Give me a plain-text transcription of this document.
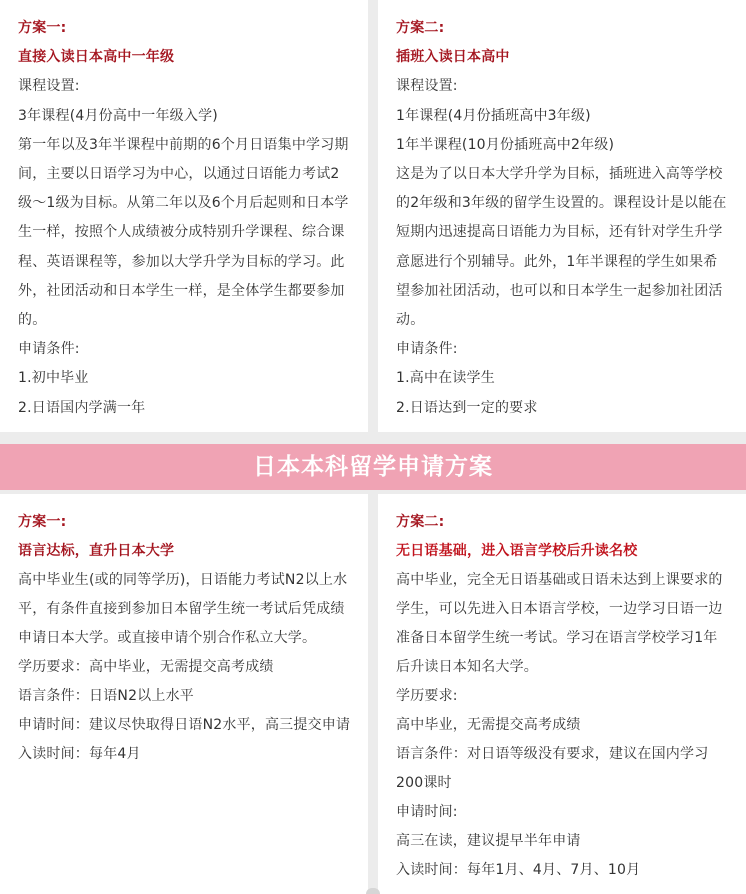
方案一:
直接入读日本高中一年级
课程设置:
3年课程(4月份高中一年级入学)
第一年以及3年半课程中前期的6个月日语集中学习期
间，主要以日语学习为中心，以通过日语能力考试2
级～1级为目标。从第二年以及6个月后起则和日本学
生一样，按照个人成绩被分成特别升学课程、综合课
程、英语课程等，参加以大学升学为目标的学习。此
外，社团活动和日本学生一样，是全体学生都要参加
的。
申请条件:
1.初中毕业
2.日语国内学满一年
方案二:
插班入读日本高中
课程设置:
1年课程(4月份插班高中3年级)
1年半课程(10月份插班高中2年级)
这是为了以日本大学升学为目标，插班进入高等学校
的2年级和3年级的留学生设置的。课程设计是以能在
短期内迅速提高日语能力为目标，还有针对学生升学
意愿进行个别辅导。此外，1年半课程的学生如果希
望参加社团活动，也可以和日本学生一起参加社团活
动。
申请条件:
1.高中在读学生
2.日语达到一定的要求
日本本科留学申请方案
方案一:
语言达标，直升日本大学
高中毕业生(或的同等学历)，日语能力考试N2以上水
平，有条件直接到参加日本留学生统一考试后凭成绩
申请日本大学。或直接申请个别合作私立大学。
学历要求：高中毕业，无需提交高考成绩
语言条件：日语N2以上水平
申请时间：建议尽快取得日语N2水平，高三提交申请
入读时间：每年4月
方案二:
无日语基础，进入语言学校后升读名校
高中毕业，完全无日语基础或日语未达到上课要求的
学生，可以先进入日本语言学校，一边学习日语一边
准备日本留学生统一考试。学习在语言学校学习1年
后升读日本知名大学。
学历要求:
高中毕业，无需提交高考成绩
语言条件：对日语等级没有要求，建议在国内学习
200课时
申请时间:
高三在读，建议提早半年申请
入读时间：每年1月、4月、7月、10月
